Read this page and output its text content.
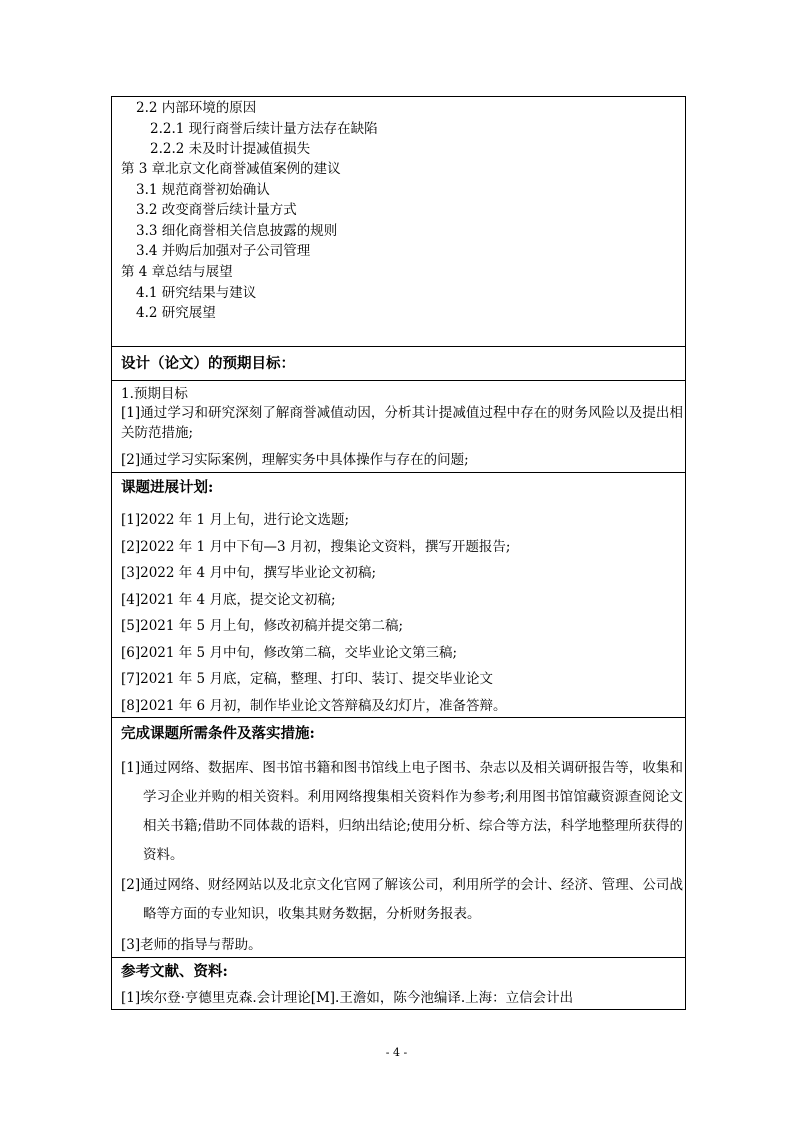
2.2 内部环境的原因
2.2.1 现行商誉后续计量方法存在缺陷
2.2.2 未及时计提减值损失
第 3 章北京文化商誉减值案例的建议
3.1 规范商誉初始确认
3.2 改变商誉后续计量方式
3.3 细化商誉相关信息披露的规则
3.4 并购后加强对子公司管理
第 4 章总结与展望
4.1 研究结果与建议
4.2 研究展望
设计（论文）的预期目标：
1.预期目标
[1]通过学习和研究深刻了解商誉减值动因，分析其计提减值过程中存在的财务风险以及提出相关防范措施;
[2]通过学习实际案例，理解实务中具体操作与存在的问题;
课题进展计划:
[1]2022 年 1 月上旬，进行论文选题;
[2]2022 年 1 月中下旬—3 月初，搜集论文资料，撰写开题报告;
[3]2022 年 4 月中旬，撰写毕业论文初稿;
[4]2021 年 4 月底，提交论文初稿;
[5]2021 年 5 月上旬，修改初稿并提交第二稿;
[6]2021 年 5 月中旬，修改第二稿，交毕业论文第三稿;
[7]2021 年 5 月底，定稿，整理、打印、装订、提交毕业论文
[8]2021 年 6 月初，制作毕业论文答辩稿及幻灯片，准备答辩。
完成课题所需条件及落实措施:
[1]通过网络、数据库、图书馆书籍和图书馆线上电子图书、杂志以及相关调研报告等，收集和学习企业并购的相关资料。利用网络搜集相关资料作为参考;利用图书馆馆藏资源查阅论文相关书籍;借助不同体裁的语料，归纳出结论;使用分析、综合等方法，科学地整理所获得的资料。
[2]通过网络、财经网站以及北京文化官网了解该公司，利用所学的会计、经济、管理、公司战略等方面的专业知识，收集其财务数据，分析财务报表。
[3]老师的指导与帮助。
参考文献、资料:
[1]埃尔登·亨德里克森.会计理论[M].王澹如，陈今池编译.上海：立信会计出
- 4 -
